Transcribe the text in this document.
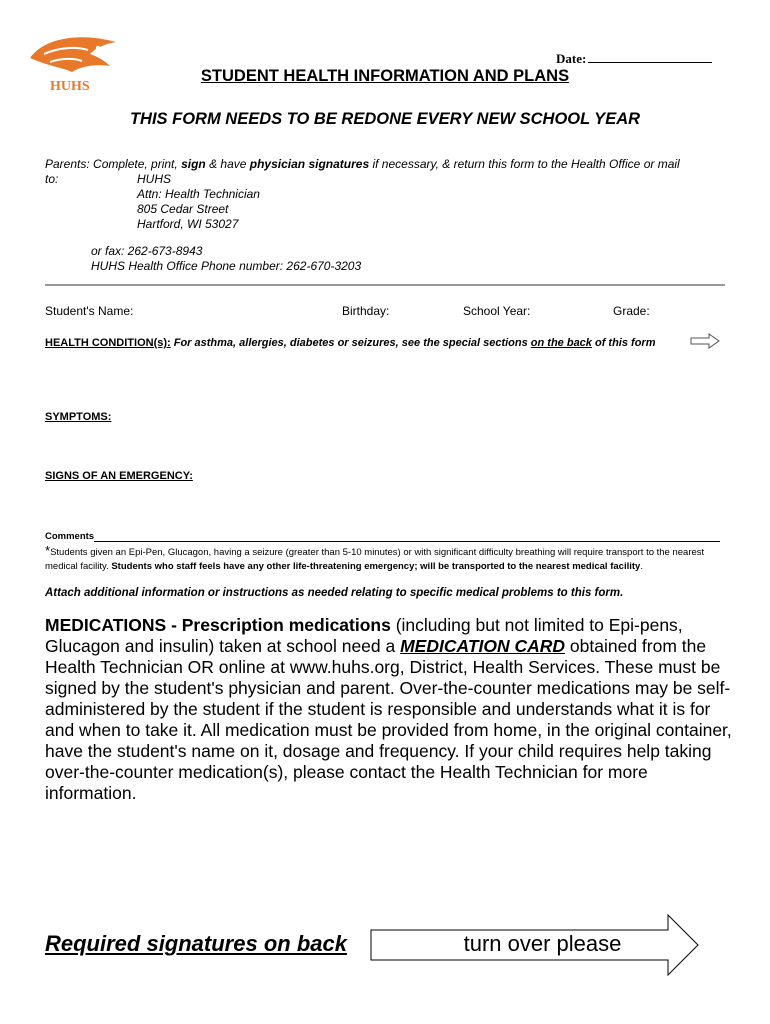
HUHS
Date:
STUDENT HEALTH INFORMATION AND PLANS
THIS FORM NEEDS TO BE REDONE EVERY NEW SCHOOL YEAR
Parents: Complete, print, sign & have physician signatures if necessary, & return this form to the Health Office or mail
to:	HUHS
Attn: Health Technician
805 Cedar Street
Hartford, WI 53027
or fax: 262-673-8943
HUHS Health Office Phone number: 262-670-3203
Student's Name:	Birthday:	School Year:	Grade:
HEALTH CONDITION(s): For asthma, allergies, diabetes or seizures, see the special sections on the back of this form
SYMPTOMS:
SIGNS OF AN EMERGENCY:
Comments
*Students given an Epi-Pen, Glucagon, having a seizure (greater than 5-10 minutes) or with significant difficulty breathing will require transport to the nearest medical facility. Students who staff feels have any other life-threatening emergency; will be transported to the nearest medical facility.
Attach additional information or instructions as needed relating to specific medical problems to this form.
MEDICATIONS - Prescription medications (including but not limited to Epi-pens, Glucagon and insulin) taken at school need a MEDICATION CARD obtained from the Health Technician OR online at www.huhs.org, District, Health Services. These must be signed by the student's physician and parent. Over-the-counter medications may be self-administered by the student if the student is responsible and understands what it is for and when to take it. All medication must be provided from home, in the original container, have the student's name on it, dosage and frequency. If your child requires help taking over-the-counter medication(s), please contact the Health Technician for more information.
Required signatures on back	turn over please
